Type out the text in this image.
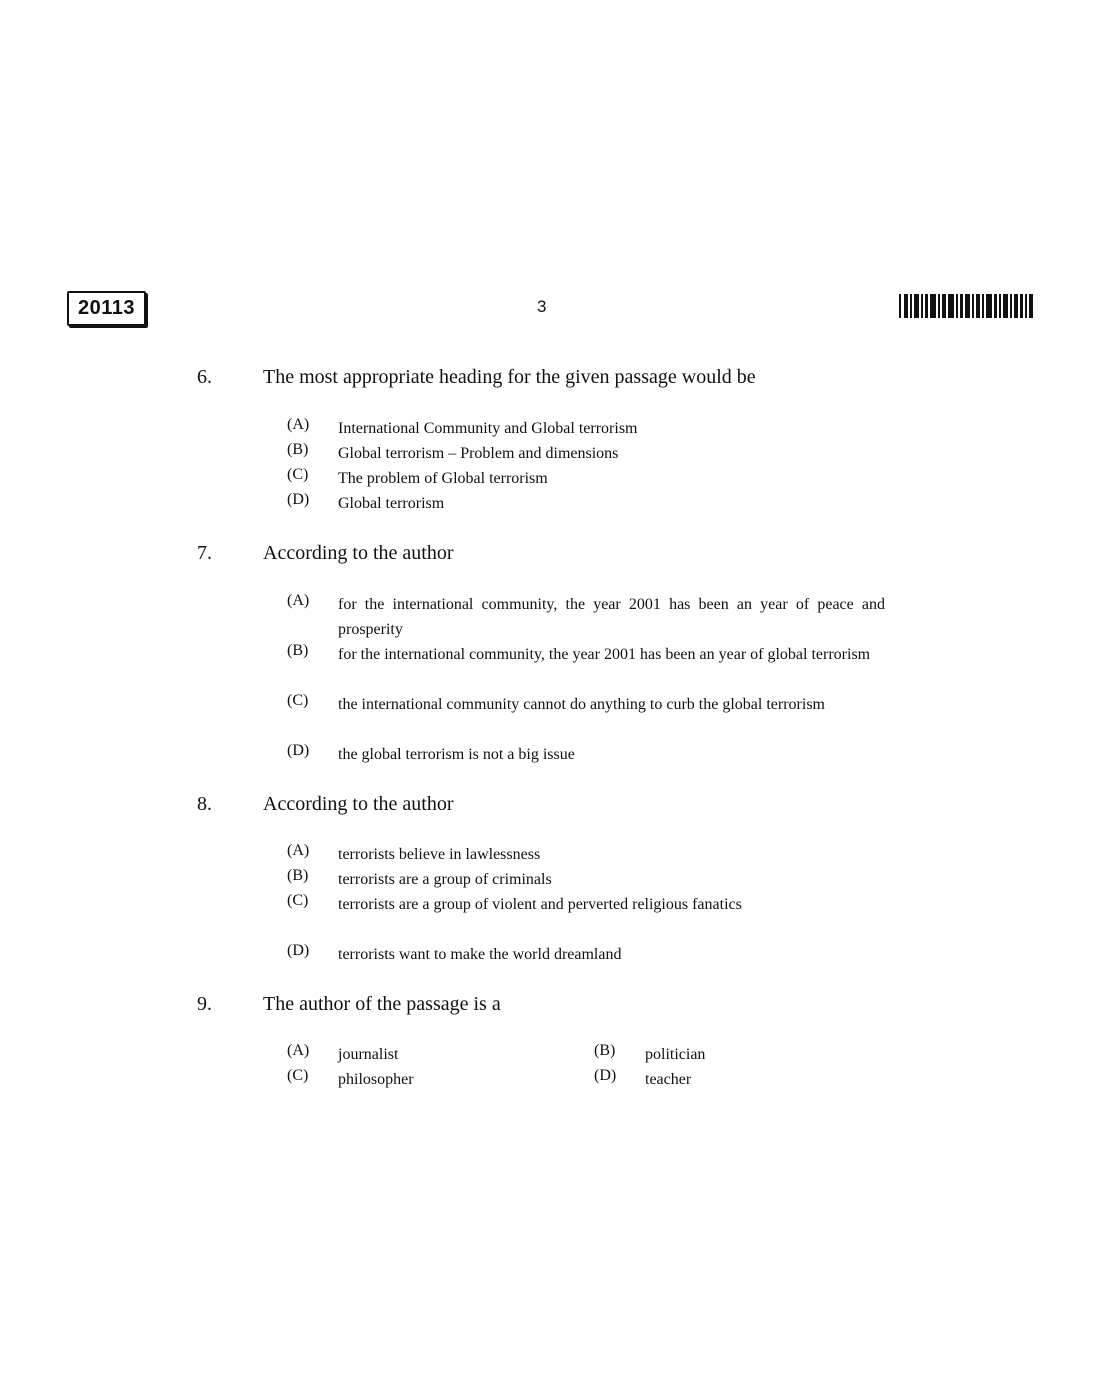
20113	3
6.	The most appropriate heading for the given passage would be
(A) International Community and Global terrorism
(B) Global terrorism – Problem and dimensions
(C) The problem of Global terrorism
(D) Global terrorism
7.	According to the author
(A) for the international community, the year 2001 has been an year of peace and prosperity
(B) for the international community, the year 2001 has been an year of global terrorism
(C) the international community cannot do anything to curb the global terrorism
(D) the global terrorism is not a big issue
8.	According to the author
(A) terrorists believe in lawlessness
(B) terrorists are a group of criminals
(C) terrorists are a group of violent and perverted religious fanatics
(D) terrorists want to make the world dreamland
9.	The author of the passage is a
(A) journalist	(B) politician
(C) philosopher	(D) teacher
